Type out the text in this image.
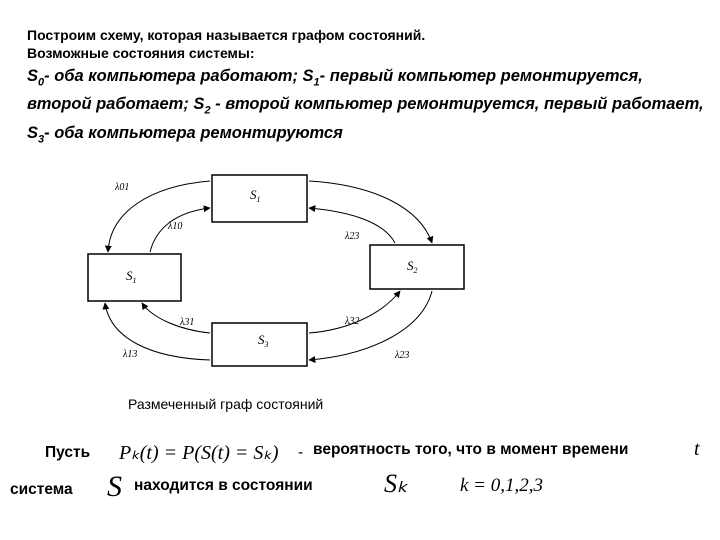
Построим схему, которая называется графом состояний.
Возможные состояния системы:
$S_0-$ оба компьютера работают; $S_1-$ первый компьютер ремонтируется, второй работает; $S_2$ - второй компьютер ремонтируется, первый работает, $S_3-$ оба компьютера ремонтируются
$S_1$
$S_2$
$S_3$
$S_1$
λ01
λ10
λ23
λ31	λ32
λ13	λ23
λ32
Размеченный граф состояний
Пусть Pₖ(t) = P(S(t) = Sₖ) - вероятность того, что в момент времени	t
система S находится в состоянии	Sₖ	k = 0,1,2,3
